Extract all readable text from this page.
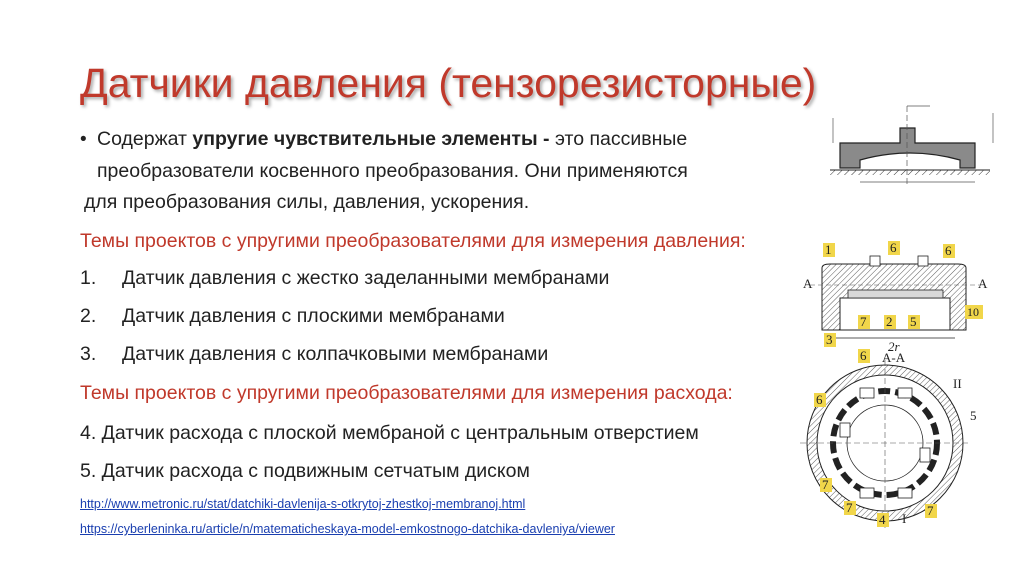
Датчики давления (тензорезисторные)
• Содержат упругие чувствительные элементы - это пассивные
преобразователи косвенного преобразования. Они применяются
для преобразования силы, давления, ускорения.
Темы проектов с упругими преобразователями для измерения давления:
1. Датчик давления с жестко заделанными мембранами
2. Датчик давления с плоскими мембранами
3. Датчик давления с колпачковыми мембранами
Темы проектов с упругими преобразователями для измерения расхода:
4. Датчик расхода с плоской мембраной с центральным отверстием
5. Датчик расхода с подвижным сетчатым диском
http://www.metronic.ru/stat/datchiki-davlenija-s-otkrytoj-zhestkoj-membranoj.html
https://cyberleninka.ru/article/n/matematicheskaya-model-emkostnogo-datchika-davleniya/viewer
1	6	6
A	A
7 2 5
10
2r
3
6 А-А
II
5
6
7
7
4 I
7
